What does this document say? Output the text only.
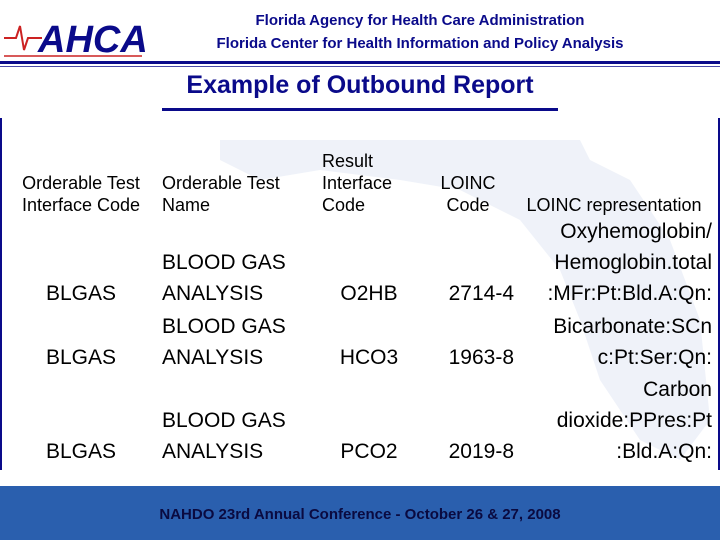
AHCA	Florida Agency for Health Care Administration
Florida Center for Health Information and Policy Analysis
Example of Outbound Report
Orderable Test Interface Code	Orderable Test Name	Result Interface Code	LOINC Code	LOINC representation
BLGAS	BLOOD GAS ANALYSIS	O2HB	2714-4	Oxyhemoglobin/ Hemoglobin.total :MFr:Pt:Bld.A:Qn:
BLGAS	BLOOD GAS ANALYSIS	HCO3	1963-8	Bicarbonate:SCn c:Pt:Ser:Qn:
BLGAS	BLOOD GAS ANALYSIS	PCO2	2019-8	Carbon dioxide:PPres:Pt :Bld.A:Qn:
NAHDO 23rd Annual Conference - October 26 & 27, 2008
